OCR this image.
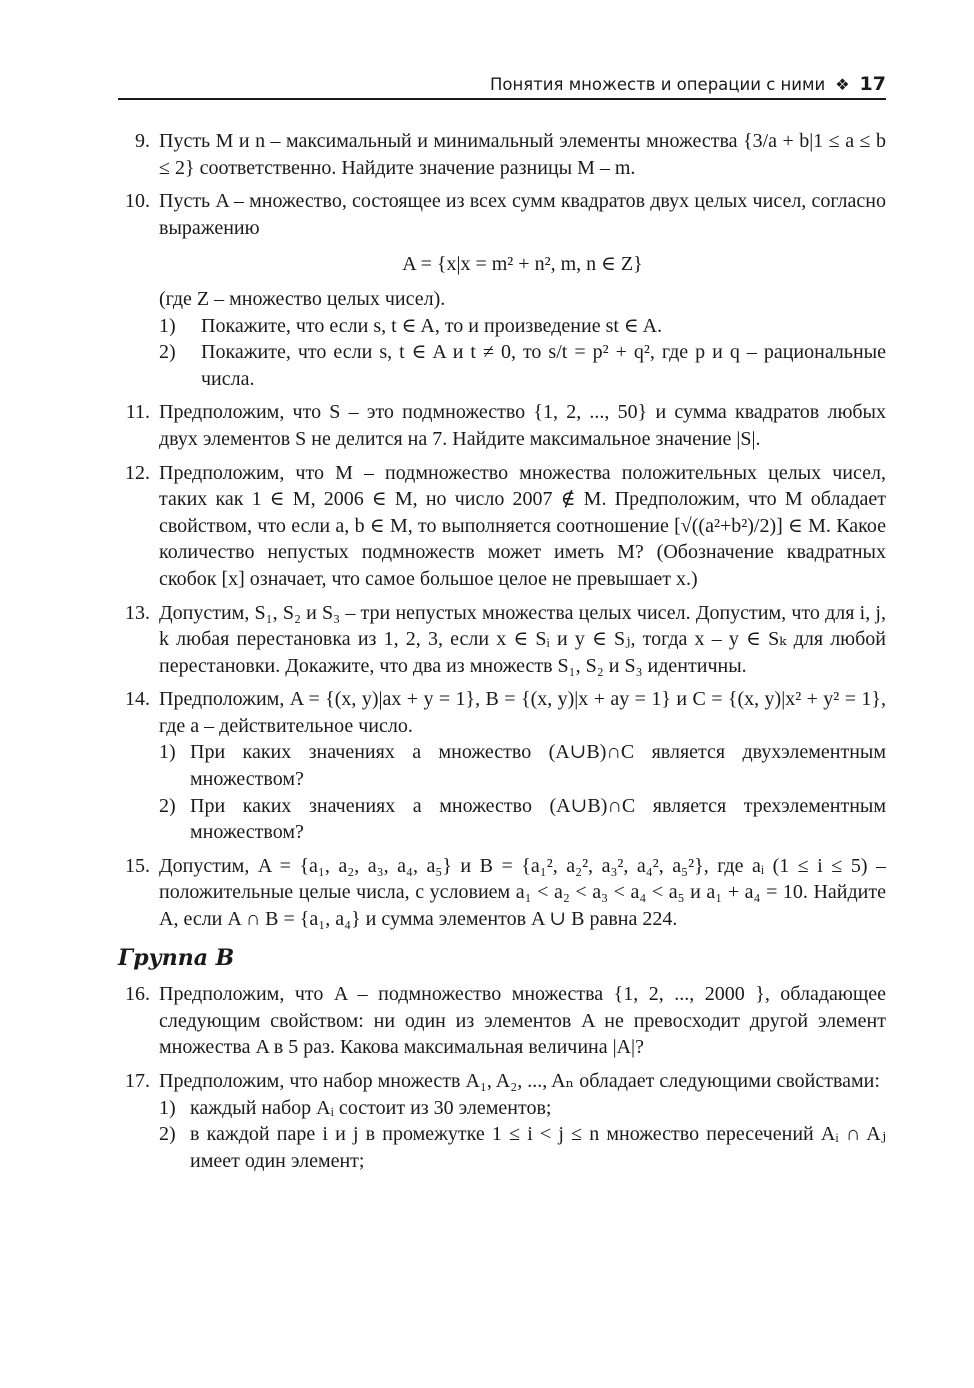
Понятия множеств и операции с ними ❖ 17
9. Пусть M и n – максимальный и минимальный элементы множества {3/a + b|1 ≤ a ≤ b ≤ 2} соответственно. Найдите значение разницы M – m.

10. Пусть A – множество, состоящее из всех сумм квадратов двух целых чисел, согласно выражению

A = {x|x = m² + n², m, n ∈ Z}

(где Z – множество целых чисел).

1) Покажите, что если s, t ∈ A, то и произведение st ∈ A.

2) Покажите, что если s, t ∈ A и t ≠ 0, то s/t = p² + q², где p и q – рациональные числа.

11. Предположим, что S – это подмножество {1, 2, ..., 50} и сумма квадратов любых двух элементов S не делится на 7. Найдите максимальное значение |S|.

12. Предположим, что M – подмножество множества положительных целых чисел, таких как 1 ∈ M, 2006 ∈ M, но число 2007 ∉ M. Предположим, что M обладает свойством, что если a, b ∈ M, то выполняется соотношение [√((a²+b²)/2)] ∈ M. Какое количество непустых подмножеств может иметь M? (Обозначение квадратных скобок [x] означает, что самое большое целое не превышает x.)

13. Допустим, S₁, S₂ и S₃ – три непустых множества целых чисел. Допустим, что для i, j, k любая перестановка из 1, 2, 3, если x ∈ Sᵢ и y ∈ Sⱼ, тогда x – y ∈ Sₖ для любой перестановки. Докажите, что два из множеств S₁, S₂ и S₃ идентичны.

14. Предположим, A = {(x, y)|ax + y = 1}, B = {(x, y)|x + ay = 1} и C = {(x, y)|x² + y² = 1}, где a – действительное число.

1) При каких значениях a множество (A∪B)∩C является двухэлементным множеством?

2) При каких значениях a множество (A∪B)∩C является трехэлементным множеством?

15. Допустим, A = {a₁, a₂, a₃, a₄, a₅} и B = {a₁², a₂², a₃², a₄², a₅²}, где aᵢ (1 ≤ i ≤ 5) – положительные целые числа, с условием a₁ < a₂ < a₃ < a₄ < a₅ и a₁ + a₄ = 10. Найдите A, если A ∩ B = {a₁, a₄} и сумма элементов A ∪ B равна 224.

Группа В
16. Предположим, что A – подмножество множества {1, 2, ..., 2000 }, обладающее следующим свойством: ни один из элементов A не превосходит другой элемент множества A в 5 раз. Какова максимальная величина |A|?

17. Предположим, что набор множеств A₁, A₂, ..., Aₙ обладает следующими свойствами:

1) каждый набор Aᵢ состоит из 30 элементов;

2) в каждой паре i и j в промежутке 1 ≤ i < j ≤ n множество пересечений Aᵢ ∩ Aⱼ имеет один элемент;
